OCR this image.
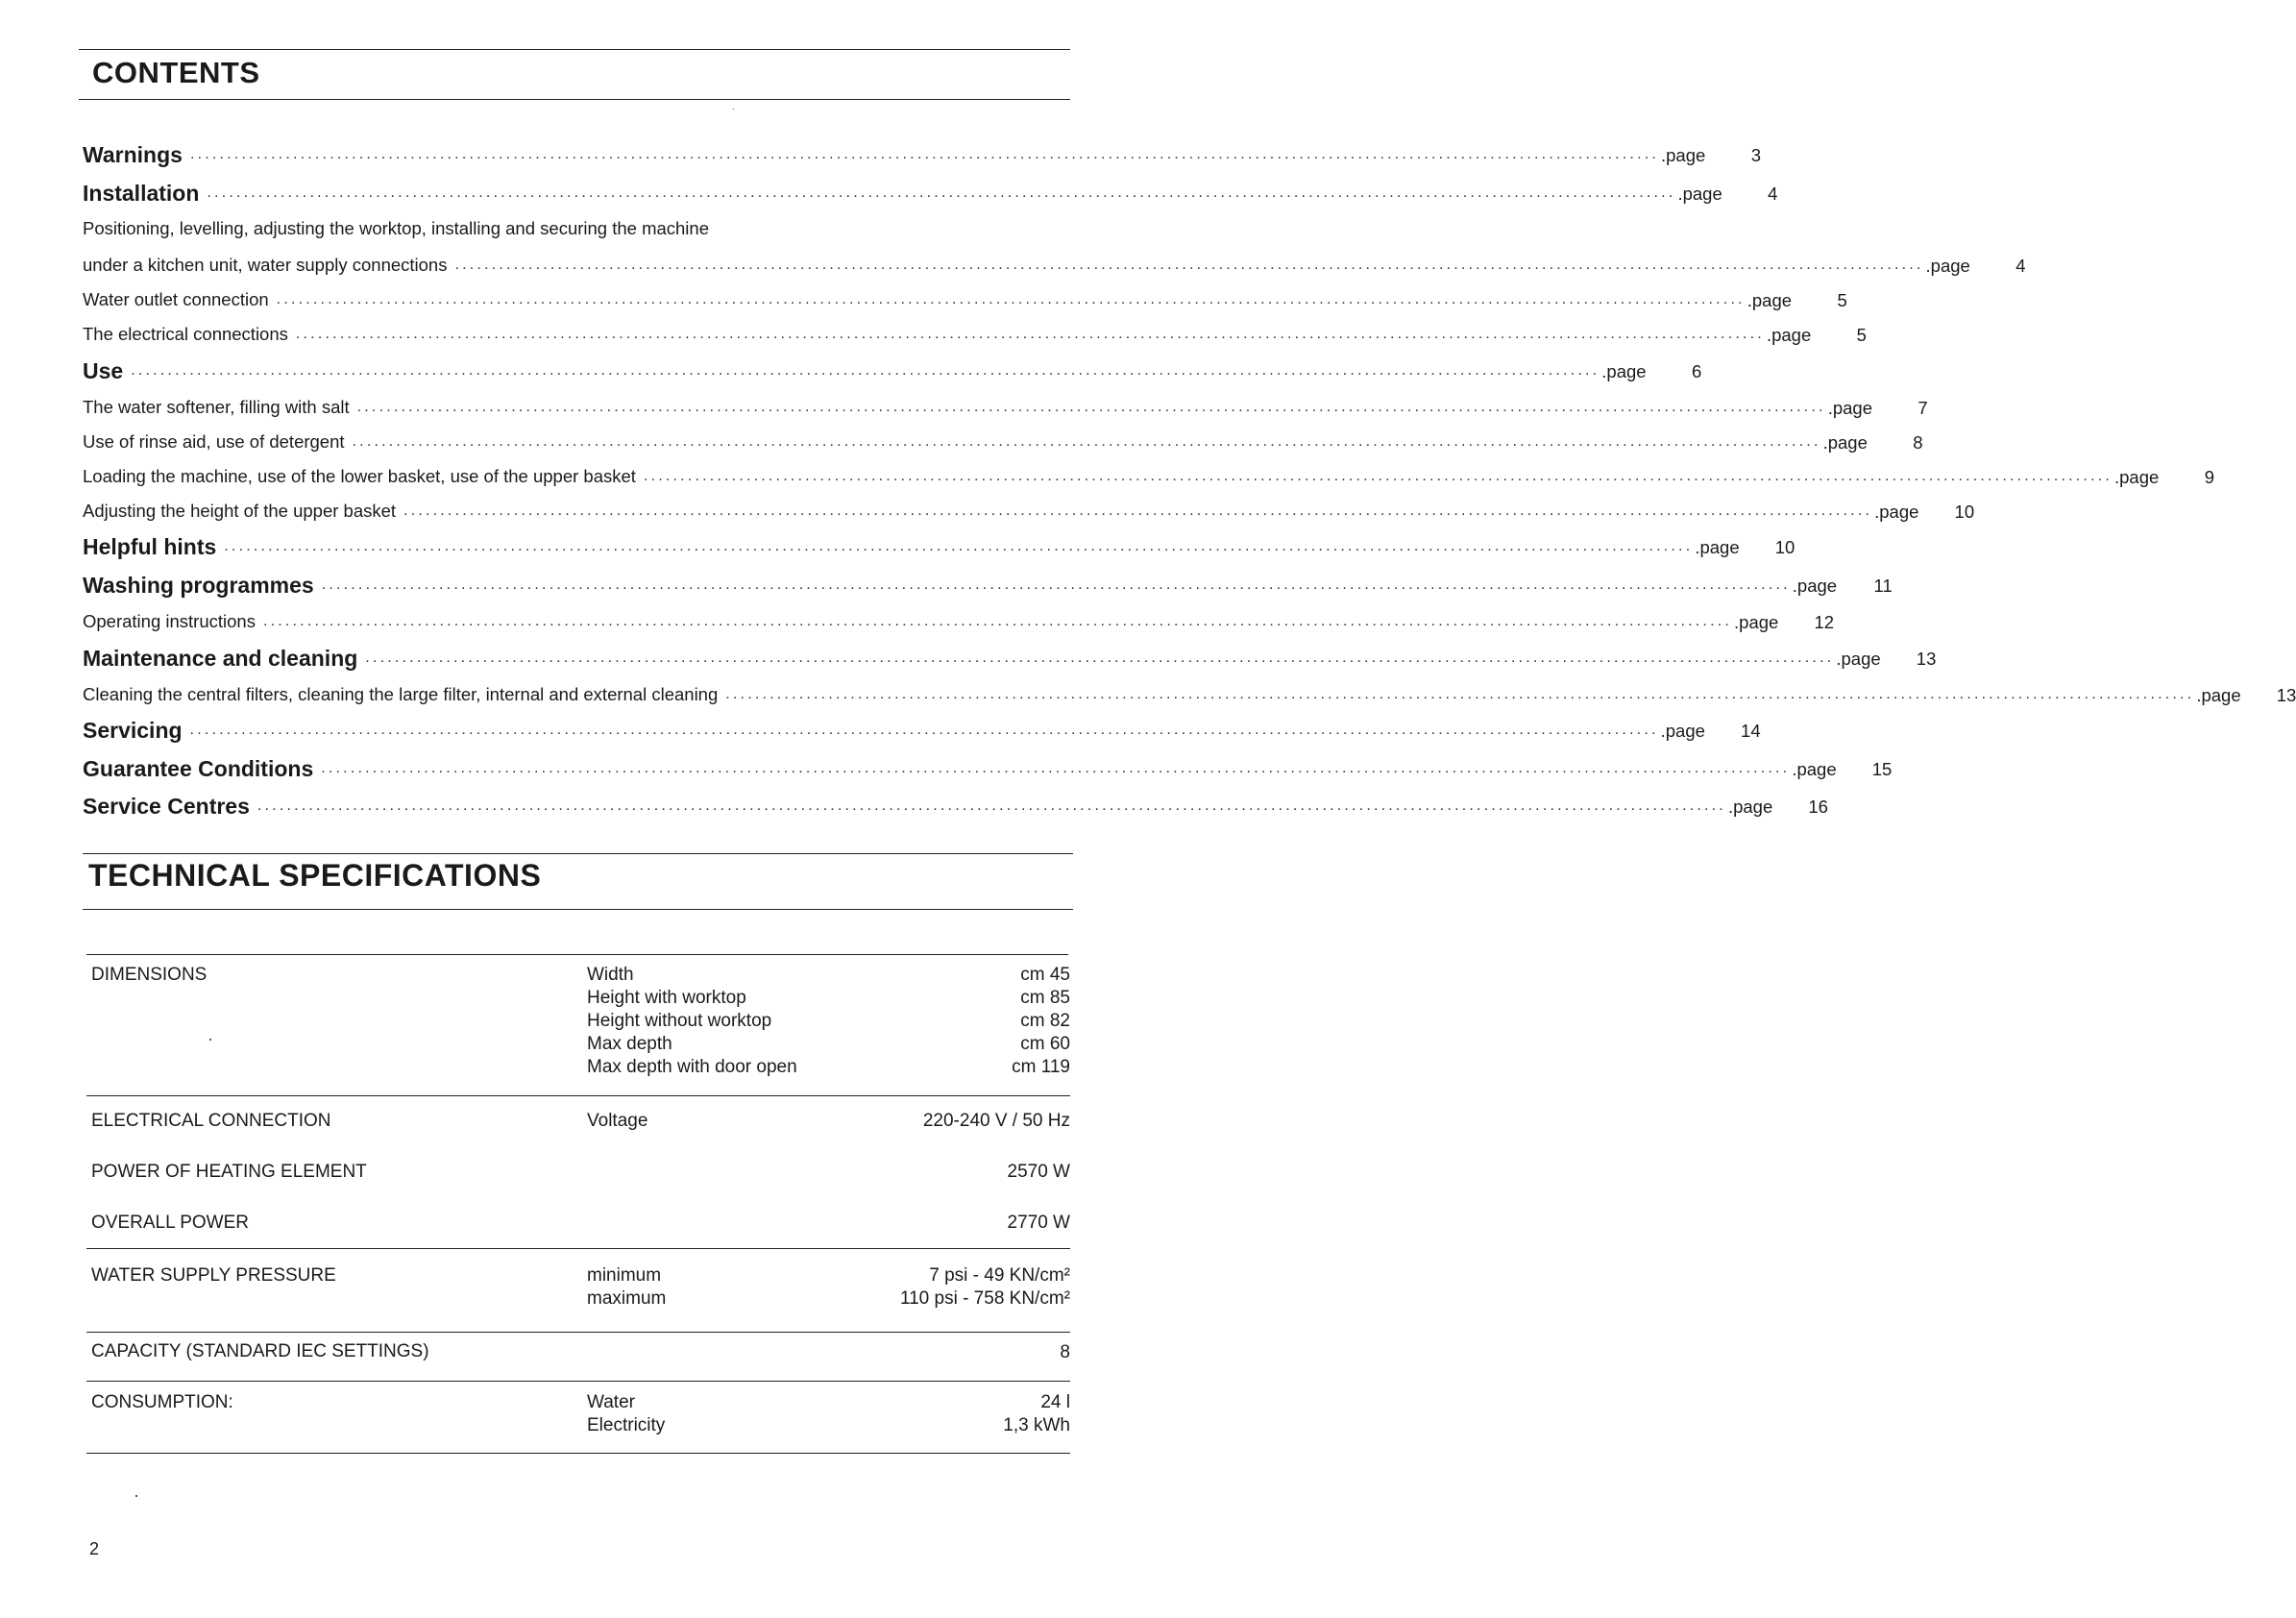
CONTENTS
Warnings ........................................................................................................................................................................................................ .page	3
Installation ........................................................................................................................................................................................................ .page	4
Positioning, levelling, adjusting the worktop, installing and securing the machine
under a kitchen unit, water supply connections ........................................................................................................................................................................................................ .page	4
Water outlet connection ........................................................................................................................................................................................................ .page	5
The electrical connections ........................................................................................................................................................................................................ .page	5
Use ........................................................................................................................................................................................................ .page	6
The water softener, filling with salt ........................................................................................................................................................................................................ .page	7
Use of rinse aid, use of detergent ........................................................................................................................................................................................................ .page	8
Loading the machine, use of the lower basket, use of the upper basket ........................................................................................................................................................................................................ .page	9
Adjusting the height of the upper basket ........................................................................................................................................................................................................ .page	10
Helpful hints ........................................................................................................................................................................................................ .page	10
Washing programmes ........................................................................................................................................................................................................ .page	11
Operating instructions ........................................................................................................................................................................................................ .page	12
Maintenance and cleaning ........................................................................................................................................................................................................ .page	13
Cleaning the central filters, cleaning the large filter, internal and external cleaning ........................................................................................................................................................................................................ .page	13
Servicing ........................................................................................................................................................................................................ .page	14
Guarantee Conditions ........................................................................................................................................................................................................ .page	15
Service Centres ........................................................................................................................................................................................................ .page	16
TECHNICAL SPECIFICATIONS
DIMENSIONS	Width	cm 45
Height with worktop	cm 85
Height without worktop	cm 82
Max depth	cm 60
Max depth with door open	cm 119
ELECTRICAL CONNECTION	Voltage	220-240 V / 50 Hz
POWER OF HEATING ELEMENT	2570 W
OVERALL POWER	2770 W
WATER SUPPLY PRESSURE	minimum	7 psi - 49 KN/cm²
maximum	110 psi - 758 KN/cm²
CAPACITY (STANDARD IEC SETTINGS)	8
CONSUMPTION:	Water	24 l
Electricity	1,3 kWh
2
